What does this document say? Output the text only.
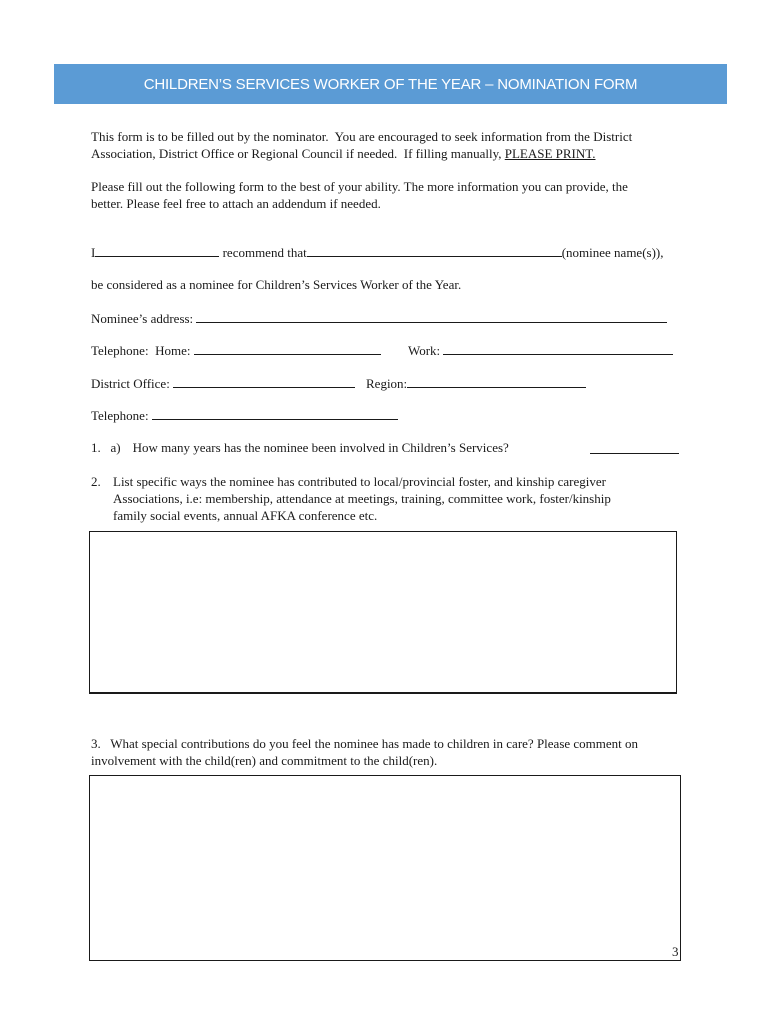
CHILDREN’S SERVICES WORKER OF THE YEAR – NOMINATION FORM
This form is to be filled out by the nominator.  You are encouraged to seek information from the District
Association, District Office or Regional Council if needed.  If filling manually, PLEASE PRINT.
Please fill out the following form to the best of your ability. The more information you can provide, the
better. Please feel free to attach an addendum if needed.
I	recommend that	(nominee name(s)),
be considered as a nominee for Children’s Services Worker of the Year.
Nominee’s address:
Telephone:  Home:	Work:
District Office:	Region:
Telephone:
1.   a) How many years has the nominee been involved in Children’s Services?
2. List specific ways the nominee has contributed to local/provincial foster, and kinship caregiver
Associations, i.e: membership, attendance at meetings, training, committee work, foster/kinship
family social events, annual AFKA conference etc.
3.   What special contributions do you feel the nominee has made to children in care? Please comment on
involvement with the child(ren) and commitment to the child(ren).
3
